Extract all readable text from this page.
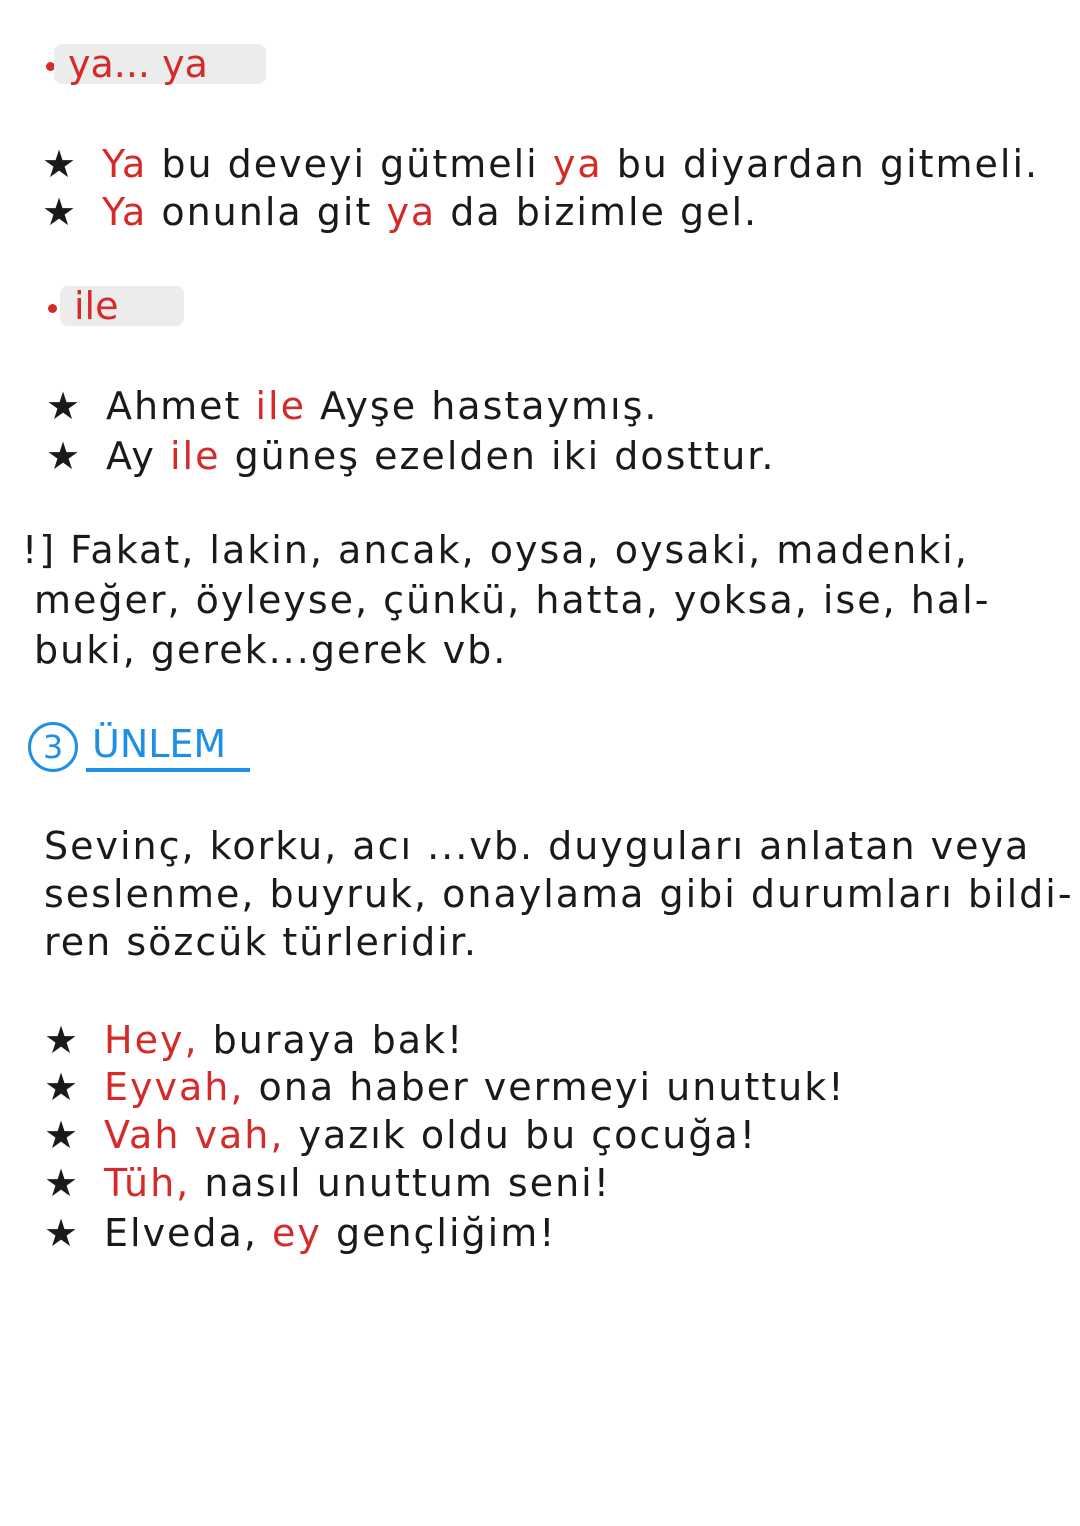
ya... ya
★ Ya bu deveyi gütmeli ya bu diyardan gitmeli.
★ Ya onunla git ya da bizimle gel.
ile
★ Ahmet ile Ayşe hastaymış.
★ Ay ile güneş ezelden iki dosttur.
!] Fakat, lakin, ancak, oysa, oysaki, madenki,
meğer, öyleyse, çünkü, hatta, yoksa, ise, hal-
buki, gerek...gerek vb.
3 ÜNLEM
Sevinç, korku, acı ...vb. duyguları anlatan veya
seslenme, buyruk, onaylama gibi durumları bildi-
ren sözcük türleridir.
★ Hey, buraya bak!
★ Eyvah, ona haber vermeyi unuttuk!
★ Vah vah, yazık oldu bu çocuğa!
★ Tüh, nasıl unuttum seni!
★ Elveda, ey gençliğim!
